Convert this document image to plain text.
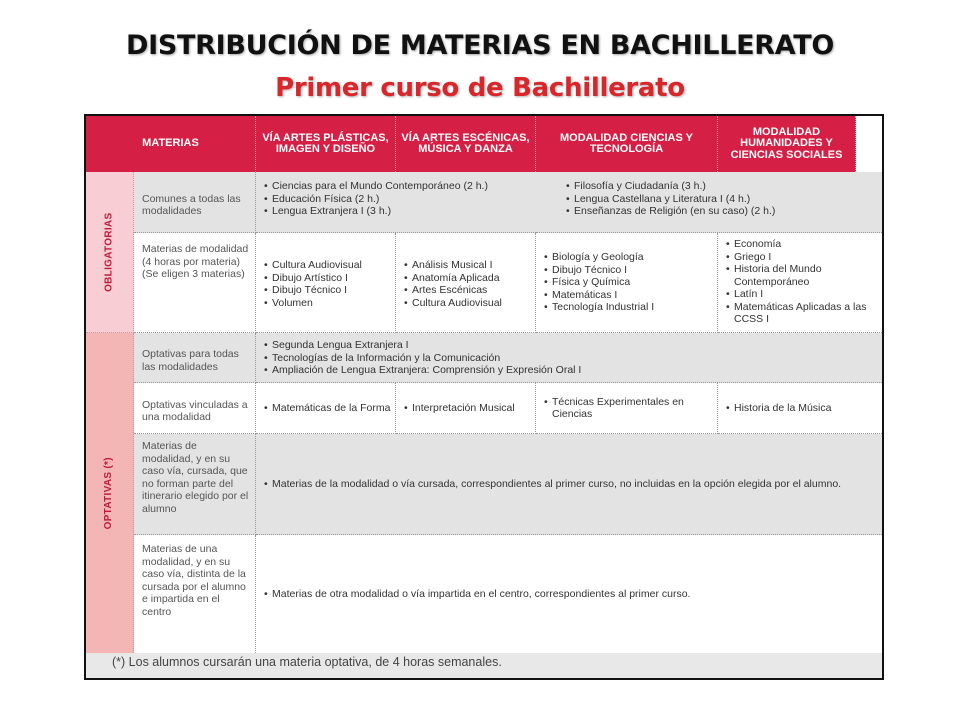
DISTRIBUCIÓN DE MATERIAS EN BACHILLERATO
Primer curso de Bachillerato
MATERIAS	VÍA ARTES PLÁSTICAS, IMAGEN Y DISEÑO
VÍA ARTES ESCÉNICAS, MÚSICA Y DANZA
MODALIDAD CIENCIAS Y TECNOLOGÍA
MODALIDAD HUMANIDADES Y CIENCIAS SOCIALES
OBLIGATORIAS
OPTATIVAS (*)
Comunes a todas las modalidades
• Ciencias para el Mundo Contemporáneo (2 h.)
• Educación Física (2 h.)
• Lengua Extranjera I (3 h.)
• Filosofía y Ciudadanía (3 h.)
• Lengua Castellana y Literatura I (4 h.)
• Enseñanzas de Religión (en su caso) (2 h.)
Materias de modalidad (4 horas por materia) (Se eligen 3 materias)
• Cultura Audiovisual
• Dibujo Artístico I
• Dibujo Técnico I
• Volumen
• Análisis Musical I
• Anatomía Aplicada
• Artes Escénicas
• Cultura Audiovisual
• Biología y Geología
• Dibujo Técnico I
• Física y Química
• Matemáticas I
• Tecnología Industrial I
• Economía
• Griego I
• Historia del Mundo Contemporáneo
• Latín I
• Matemáticas Aplicadas a las CCSS I
Optativas para todas las modalidades
• Segunda Lengua Extranjera I
• Tecnologías de la Información y la Comunicación
• Ampliación de Lengua Extranjera: Comprensión y Expresión Oral I
Optativas vinculadas a una modalidad
• Matemáticas de la Forma
•	Interpretación Musical
• Técnicas Experimentales en Ciencias
• Historia de la Música
Materias de modalidad, y en su caso vía, cursada, que no forman parte del itinerario elegido por el alumno
• Materias de la modalidad o vía cursada, correspondientes al primer curso, no incluidas en la opción elegida por el alumno.
Materias de una modalidad, y en su caso vía, distinta de la cursada por el alumno e impartida en el centro
• Materias de otra modalidad o vía impartida en el centro, correspondientes al primer curso.
(*) Los alumnos cursarán una materia optativa, de 4 horas semanales.
